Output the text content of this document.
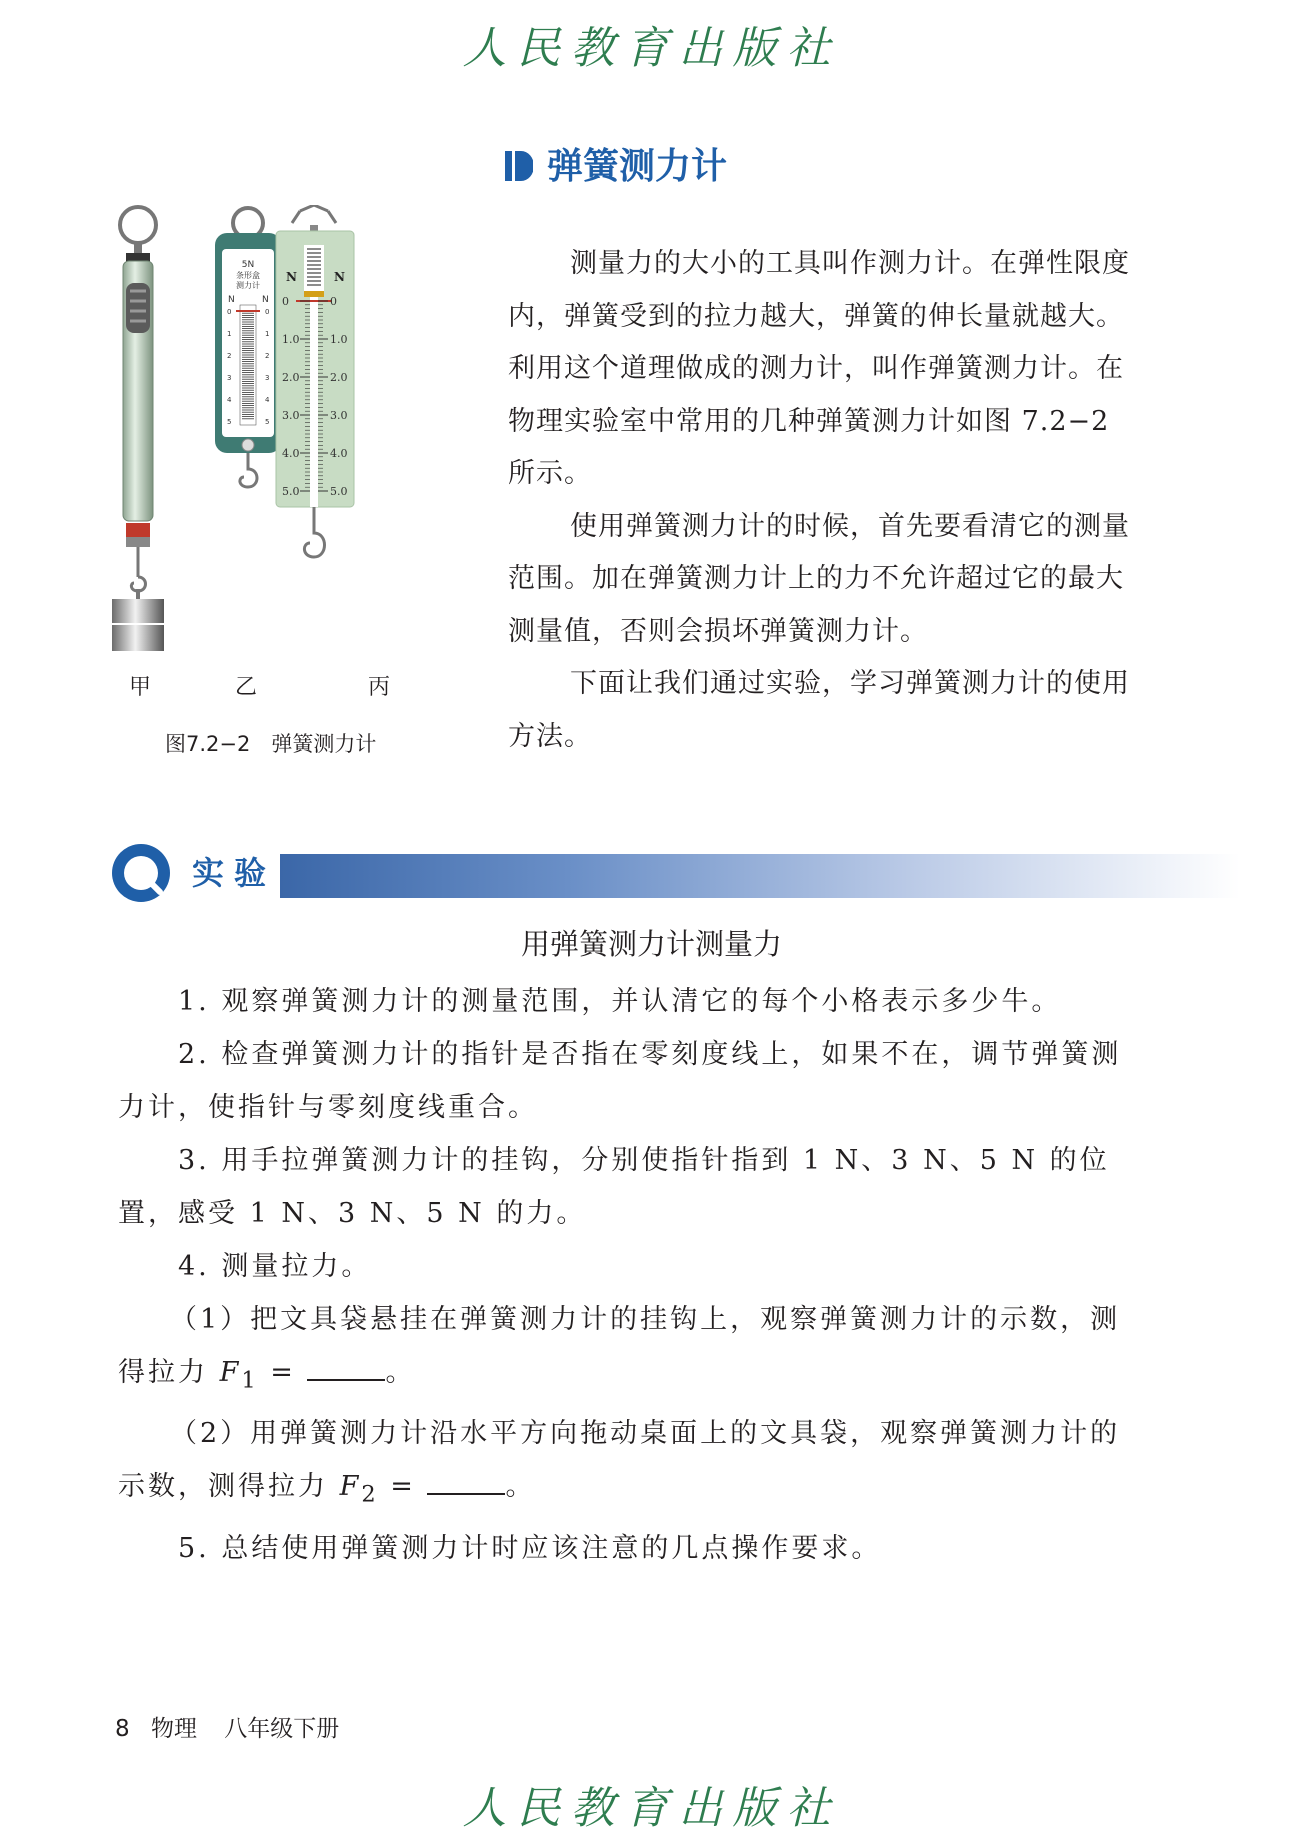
人民教育出版社
弹簧测力计
5N
条形盒
测力计
N	N
0	0
1	1
2	2
3	3
4	4
5	5
N	N
0	0
1.0	1.0
2.0	2.0
3.0	3.0
4.0	4.0
5.0	5.0
甲	乙	丙
图7.2−2　弹簧测力计

测量力的大小的工具叫作测力计。在弹性限度内，弹簧受到的拉力越大，弹簧的伸长量就越大。利用这个道理做成的测力计，叫作弹簧测力计。在物理实验室中常用的几种弹簧测力计如图 7.2−2 所示。

使用弹簧测力计的时候，首先要看清它的测量范围。加在弹簧测力计上的力不允许超过它的最大测量值，否则会损坏弹簧测力计。

下面让我们通过实验，学习弹簧测力计的使用方法。

实验
用弹簧测力计测量力

1. 观察弹簧测力计的测量范围，并认清它的每个小格表示多少牛。

2. 检查弹簧测力计的指针是否指在零刻度线上，如果不在，调节弹簧测力计，使指针与零刻度线重合。

3. 用手拉弹簧测力计的挂钩，分别使指针指到 1 N、3 N、5 N 的位置，感受 1 N、3 N、5 N 的力。

4. 测量拉力。

（1）把文具袋悬挂在弹簧测力计的挂钩上，观察弹簧测力计的示数，测得拉力 $F_1$ =	。

（2）用弹簧测力计沿水平方向拖动桌面上的文具袋，观察弹簧测力计的示数，测得拉力 $F_2$ =	。

5. 总结使用弹簧测力计时应该注意的几点操作要求。

8 物理 八年级下册
人民教育出版社
